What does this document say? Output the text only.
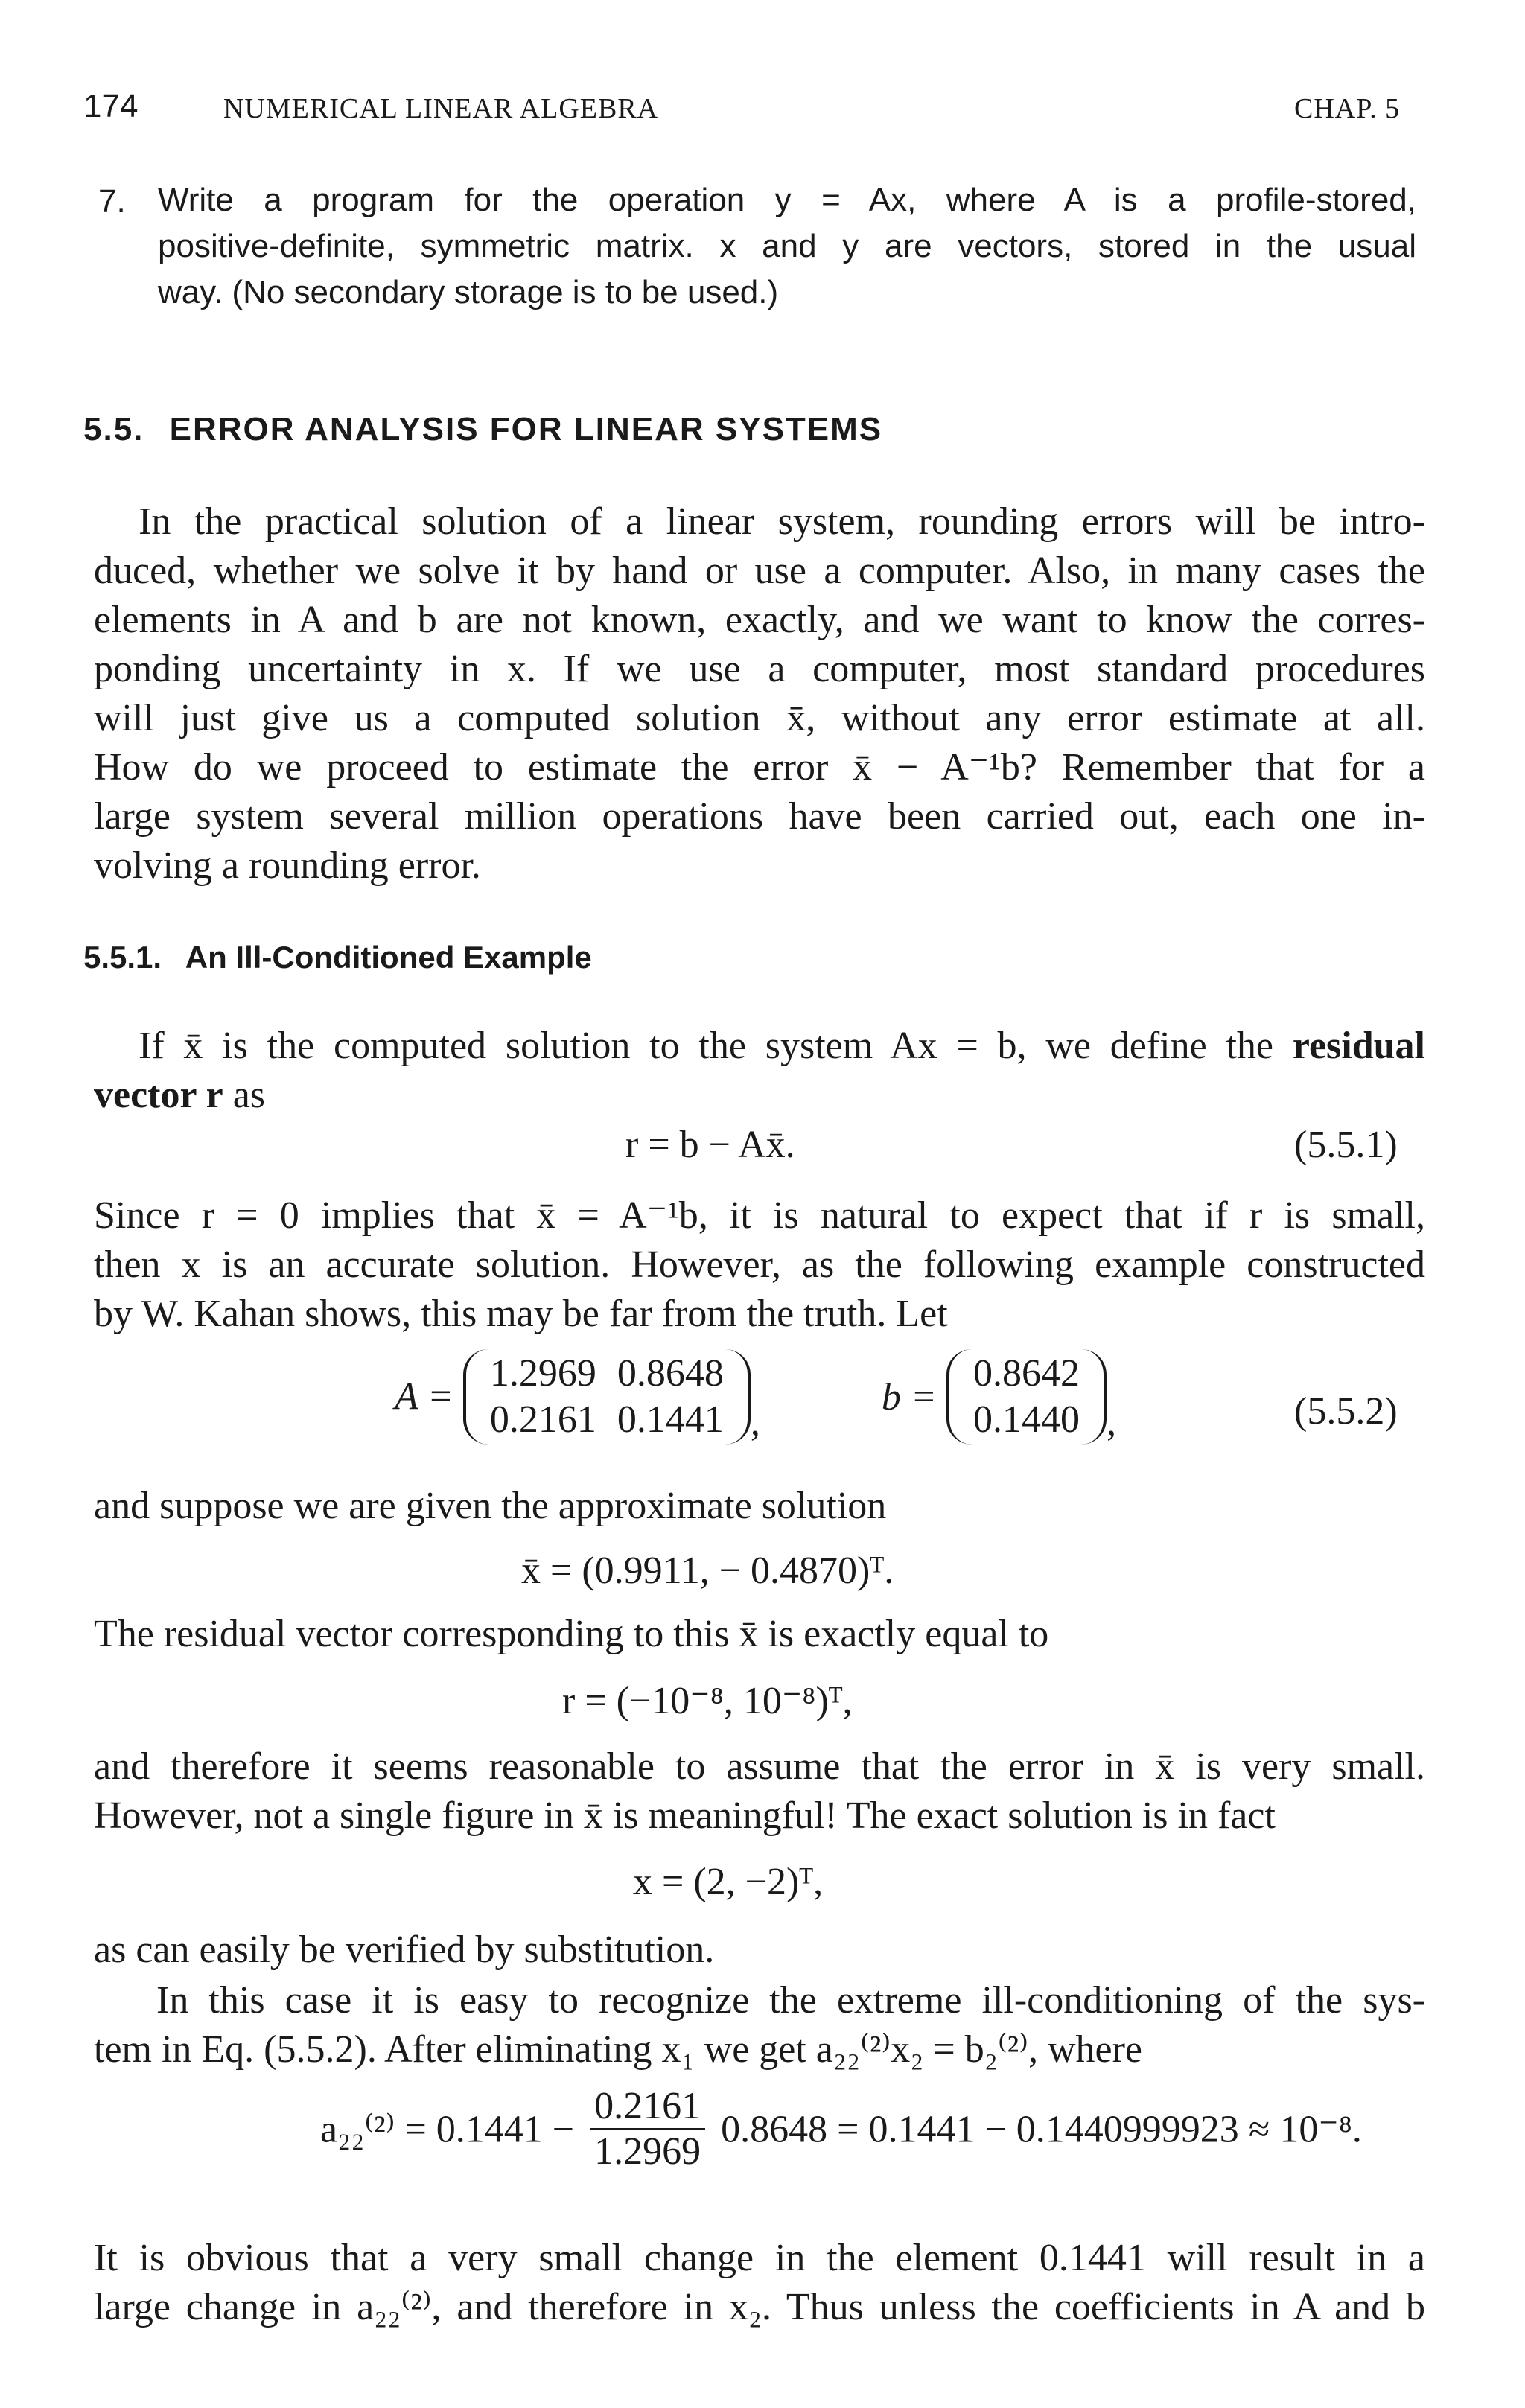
174	NUMERICAL LINEAR ALGEBRA	CHAP. 5
7. Write a program for the operation y = Ax, where A is a profile-stored,
positive-definite, symmetric matrix. x and y are vectors, stored in the usual
way. (No secondary storage is to be used.)
5.5. ERROR ANALYSIS FOR LINEAR SYSTEMS
In the practical solution of a linear system, rounding errors will be intro-
duced, whether we solve it by hand or use a computer. Also, in many cases the
elements in A and b are not known, exactly, and we want to know the corres-
ponding uncertainty in x. If we use a computer, most standard procedures
will just give us a computed solution x̄, without any error estimate at all.
How do we proceed to estimate the error x̄ − A⁻¹b? Remember that for a
large system several million operations have been carried out, each one in-
volving a rounding error.
5.5.1. An Ill-Conditioned Example
If x̄ is the computed solution to the system Ax = b, we define the residual
vector r as
r = b − Ax̄.	(5.5.1)
Since r = 0 implies that x̄ = A⁻¹b, it is natural to expect that if r is small,
then x is an accurate solution. However, as the following example constructed
by W. Kahan shows, this may be far from the truth. Let
A =
1.2969	0.8648
0.2161	0.1441 , b =
0.8642
0.1440 ,	(5.5.2)
and suppose we are given the approximate solution
x̄ = (0.9911, − 0.4870)ᵀ.
The residual vector corresponding to this x̄ is exactly equal to
r = (−10⁻⁸, 10⁻⁸)ᵀ,
and therefore it seems reasonable to assume that the error in x̄ is very small.
However, not a single figure in x̄ is meaningful! The exact solution is in fact
x = (2, −2)ᵀ,
as can easily be verified by substitution.
In this case it is easy to recognize the extreme ill-conditioning of the sys-
tem in Eq. (5.5.2). After eliminating x₁ we get a₂₂⁽²⁾x₂ = b₂⁽²⁾, where
$a_{22}^{(2)} = 0.1441 - \frac{0.2161}{1.2969} 0.8648 = 0.1441 - 0.1440999923 \approx 10^{-8}$.
It is obvious that a very small change in the element 0.1441 will result in a
large change in a₂₂⁽²⁾, and therefore in x₂. Thus unless the coefficients in A and b
